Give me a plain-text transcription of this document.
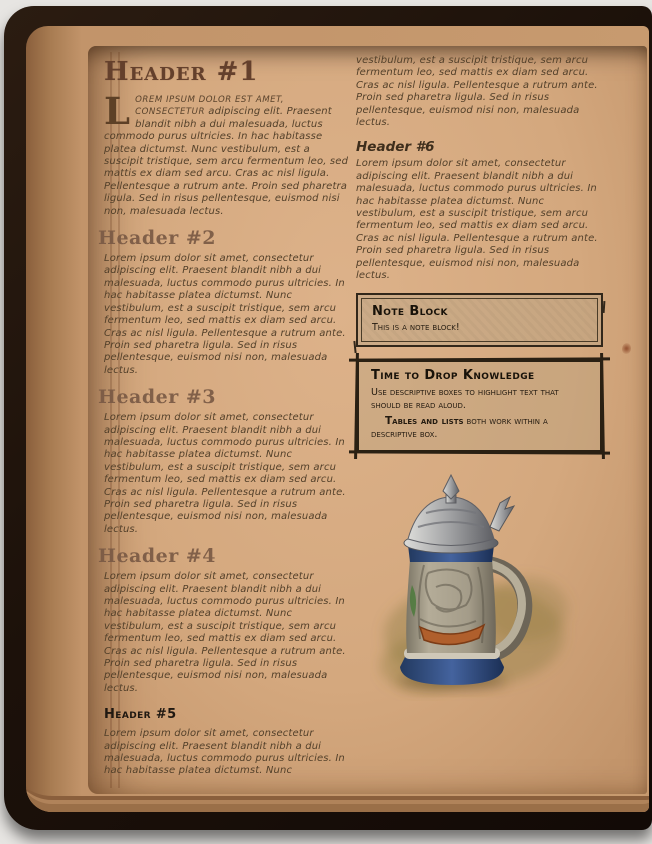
Header #1

LOREM IPSUM DOLOR EST AMET, CONSECTETUR adipiscing elit. Praesent blandit nibh a dui malesuada, luctus commodo purus ultricies. In hac habitasse platea dictumst. Nunc vestibulum, est a suscipit tristique, sem arcu fermentum leo, sed mattis ex diam sed arcu. Cras ac nisl ligula. Pellentesque a rutrum ante. Proin sed pharetra ligula. Sed in risus pellentesque, euismod nisi non, malesuada lectus.

Header #2

Lorem ipsum dolor sit amet, consectetur adipiscing elit. Praesent blandit nibh a dui malesuada, luctus commodo purus ultricies. In hac habitasse platea dictumst. Nunc vestibulum, est a suscipit tristique, sem arcu fermentum leo, sed mattis ex diam sed arcu. Cras ac nisl ligula. Pellentesque a rutrum ante. Proin sed pharetra ligula. Sed in risus pellentesque, euismod nisi non, malesuada lectus.

Header #3

Lorem ipsum dolor sit amet, consectetur adipiscing elit. Praesent blandit nibh a dui malesuada, luctus commodo purus ultricies. In hac habitasse platea dictumst. Nunc vestibulum, est a suscipit tristique, sem arcu fermentum leo, sed mattis ex diam sed arcu. Cras ac nisl ligula. Pellentesque a rutrum ante. Proin sed pharetra ligula. Sed in risus pellentesque, euismod nisi non, malesuada lectus.

Header #4

Lorem ipsum dolor sit amet, consectetur adipiscing elit. Praesent blandit nibh a dui malesuada, luctus commodo purus ultricies. In hac habitasse platea dictumst. Nunc vestibulum, est a suscipit tristique, sem arcu fermentum leo, sed mattis ex diam sed arcu. Cras ac nisl ligula. Pellentesque a rutrum ante. Proin sed pharetra ligula. Sed in risus pellentesque, euismod nisi non, malesuada lectus.

Header #5

Lorem ipsum dolor sit amet, consectetur adipiscing elit. Praesent blandit nibh a dui malesuada, luctus commodo purus ultricies. In hac habitasse platea dictumst. Nunc

vestibulum, est a suscipit tristique, sem arcu fermentum leo, sed mattis ex diam sed arcu. Cras ac nisl ligula. Pellentesque a rutrum ante. Proin sed pharetra ligula. Sed in risus pellentesque, euismod nisi non, malesuada lectus.

Header #6

Lorem ipsum dolor sit amet, consectetur adipiscing elit. Praesent blandit nibh a dui malesuada, luctus commodo purus ultricies. In hac habitasse platea dictumst. Nunc vestibulum, est a suscipit tristique, sem arcu fermentum leo, sed mattis ex diam sed arcu. Cras ac nisl ligula. Pellentesque a rutrum ante. Proin sed pharetra ligula. Sed in risus pellentesque, euismod nisi non, malesuada lectus.

Note Block

This is a note block!

Time to Drop Knowledge

Use descriptive boxes to highlight text that should be read aloud.

Tables and lists both work within a descriptive box.
